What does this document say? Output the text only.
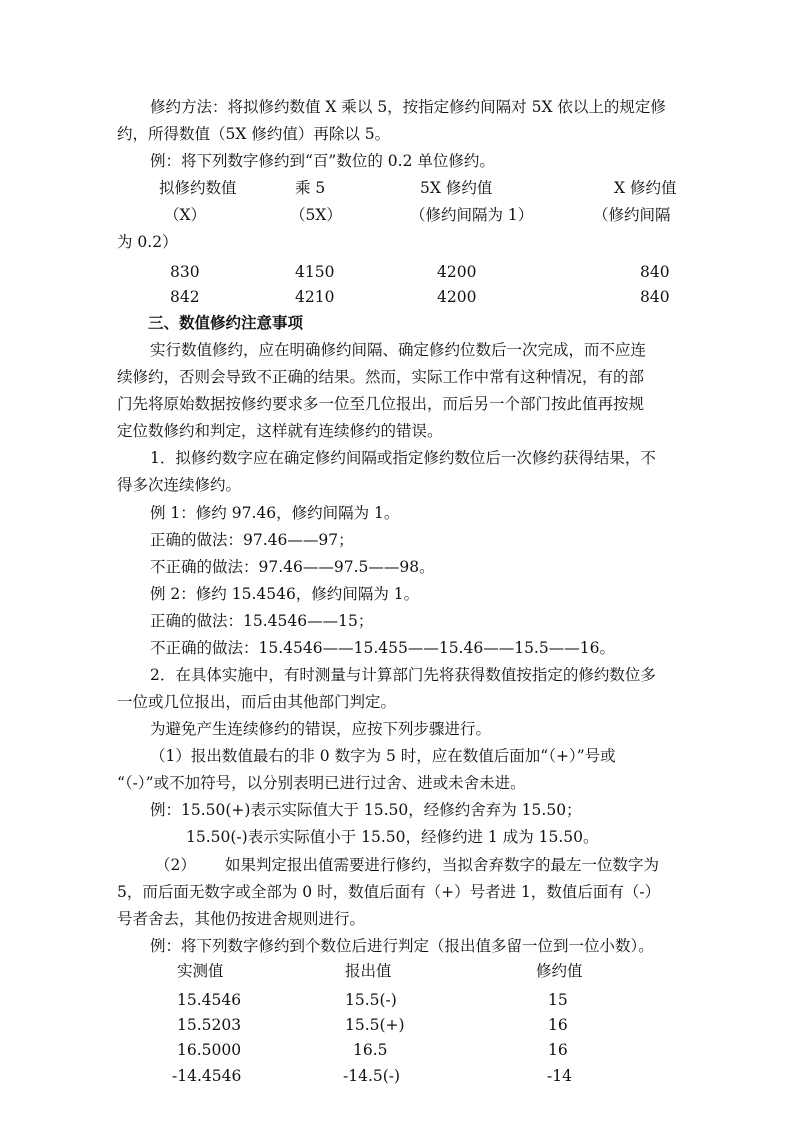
修约方法：将拟修约数值 X 乘以 5，按指定修约间隔对 5X 依以上的规定修
约，所得数值（5X 修约值）再除以 5。
例：将下列数字修约到“百”数位的 0.2 单位修约。
拟修约数值	乘 5	5X 修约值	X 修约值
（X）	（5X）	（修约间隔为 1）	（修约间隔
为 0.2）
830	4150	4200	840
842	4210	4200	840
三、数值修约注意事项
实行数值修约，应在明确修约间隔、确定修约位数后一次完成，而不应连
续修约，否则会导致不正确的结果。然而，实际工作中常有这种情况，有的部
门先将原始数据按修约要求多一位至几位报出，而后另一个部门按此值再按规
定位数修约和判定，这样就有连续修约的错误。
1．拟修约数字应在确定修约间隔或指定修约数位后一次修约获得结果，不
得多次连续修约。
例 1：修约 97.46，修约间隔为 1。
正确的做法：97.46——97；
不正确的做法：97.46——97.5——98。
例 2：修约 15.4546，修约间隔为 1。
正确的做法：15.4546——15；
不正确的做法：15.4546——15.455——15.46——15.5——16。
2．在具体实施中，有时测量与计算部门先将获得数值按指定的修约数位多
一位或几位报出，而后由其他部门判定。
为避免产生连续修约的错误，应按下列步骤进行。
（1）报出数值最右的非 0 数字为 5 时，应在数值后面加“（+）”号或
“（-）”或不加符号，以分别表明已进行过舍、进或未舍未进。
例：15.50(+)表示实际值大于 15.50，经修约舍弃为 15.50；
15.50(-)表示实际值小于 15.50，经修约进 1 成为 15.50。
（2） 如果判定报出值需要进行修约，当拟舍弃数字的最左一位数字为
5，而后面无数字或全部为 0 时，数值后面有（+）号者进 1，数值后面有（-）
号者舍去，其他仍按进舍规则进行。
例：将下列数字修约到个数位后进行判定（报出值多留一位到一位小数）。
实测值	报出值	修约值
15.4546	15.5(-)	15
15.5203	15.5(+)	16
16.5000	16.5	16
-14.4546	-14.5(-)	-14
